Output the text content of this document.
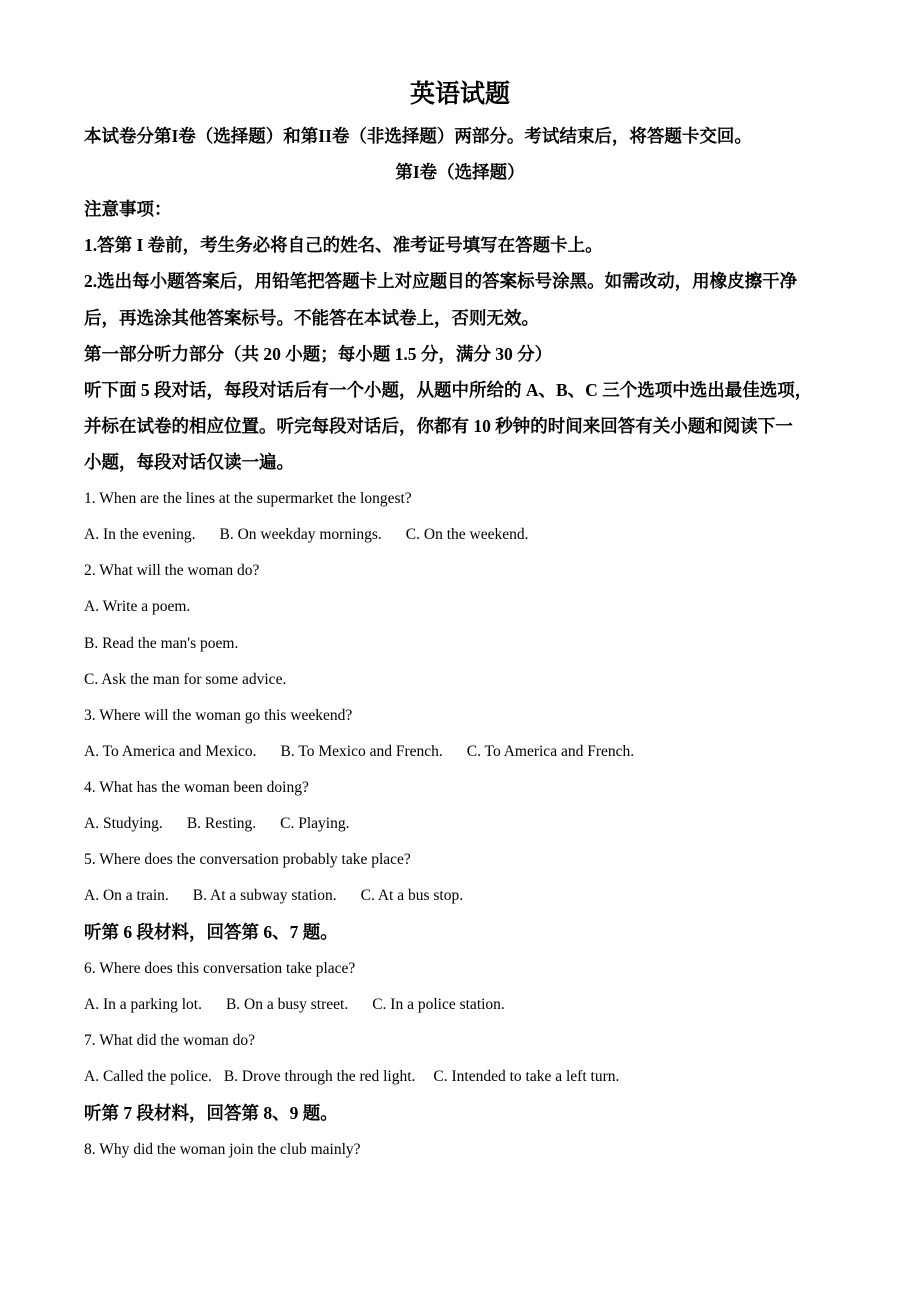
英语试题
本试卷分第I卷（选择题）和第II卷（非选择题）两部分。考试结束后，将答题卡交回。
第I卷（选择题）
注意事项：
1.答第 I 卷前，考生务必将自己的姓名、准考证号填写在答题卡上。
2.选出每小题答案后，用铅笔把答题卡上对应题目的答案标号涂黑。如需改动，用橡皮擦干净
后，再选涂其他答案标号。不能答在本试卷上，否则无效。
第一部分听力部分（共 20 小题；每小题 1.5 分，满分 30 分）
听下面 5 段对话，每段对话后有一个小题，从题中所给的 A、B、C 三个选项中选出最佳选项，
并标在试卷的相应位置。听完每段对话后，你都有 10 秒钟的时间来回答有关小题和阅读下一
小题，每段对话仅读一遍。
1. When are the lines at the supermarket the longest?
A. In the evening. B. On weekday mornings. C. On the weekend.
2. What will the woman do?
A. Write a poem.
B. Read the man's poem.
C. Ask the man for some advice.
3. Where will the woman go this weekend?
A. To America and Mexico. B. To Mexico and French. C. To America and French.
4. What has the woman been doing?
A. Studying. B. Resting. C. Playing.
5. Where does the conversation probably take place?
A. On a train. B. At a subway station. C. At a bus stop.
听第 6 段材料，回答第 6、7 题。
6. Where does this conversation take place?
A. In a parking lot. B. On a busy street. C. In a police station.
7. What did the woman do?
A. Called the police. B. Drove through the red light. C. Intended to take a left turn.
听第 7 段材料，回答第 8、9 题。
8. Why did the woman join the club mainly?
